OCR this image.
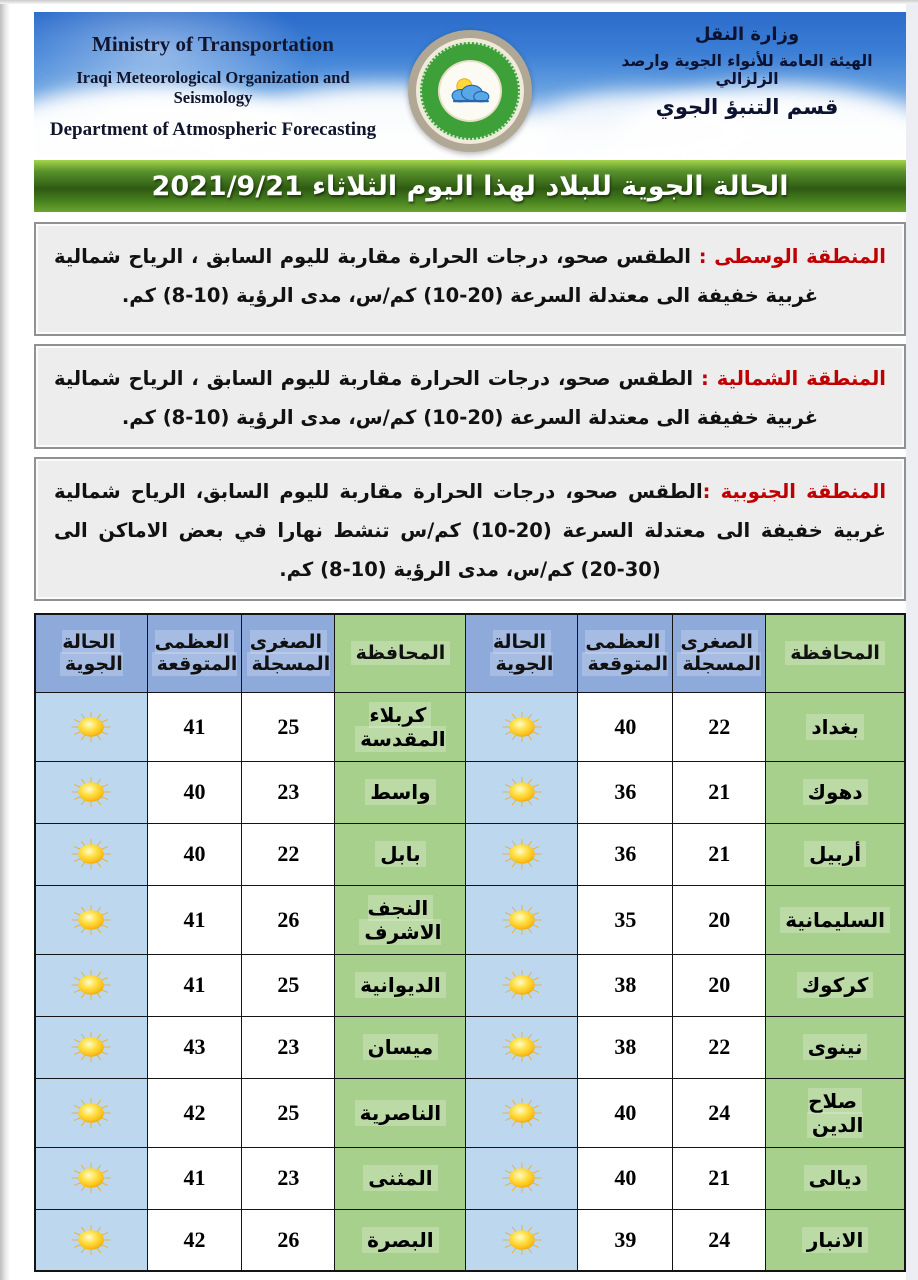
Ministry of Transportation
Iraqi Meteorological Organization and Seismology
Department of Atmospheric Forecasting
وزارة النقل
الهيئة العامة للأنواء الجوية وارصد الزلزالي
قسم التنبؤ الجوي
الحالة الجوية للبلاد لهذا اليوم الثلاثاء 2021/9/21

المنطقة الوسطى : الطقس صحو، درجات الحرارة مقاربة لليوم السابق ، الرياح شمالية غربية خفيفة الى معتدلة السرعة (20-10) كم/س، مدى الرؤية (10-8) كم.

المنطقة الشمالية : الطقس صحو، درجات الحرارة مقاربة لليوم السابق ، الرياح شمالية غربية خفيفة الى معتدلة السرعة (20-10) كم/س، مدى الرؤية (10-8) كم.

المنطقة الجنوبية :الطقس صحو، درجات الحرارة مقاربة لليوم السابق، الرياح شمالية غربية خفيفة الى معتدلة السرعة (20-10) كم/س تنشط نهارا في بعض الاماكن الى (30-20) كم/س، مدى الرؤية (10-8) كم.

المحافظة	الصغرى المسجلة	العظمى المتوقعة	الحالة الجوية	المحافظة	الصغرى المسجلة	العظمى المتوقعة	الحالة الجوية
بغداد	22	40		كربلاء المقدسة	25	41	
دهوك	21	36		واسط	23	40	
أربيل	21	36		بابل	22	40	
السليمانية	20	35		النجف الاشرف	26	41	
كركوك	20	38		الديوانية	25	41	
نينوى	22	38		ميسان	23	43	
صلاح الدين	24	40		الناصرية	25	42	
ديالى	21	40		المثنى	23	41	
الانبار	24	39		البصرة	26	42	
